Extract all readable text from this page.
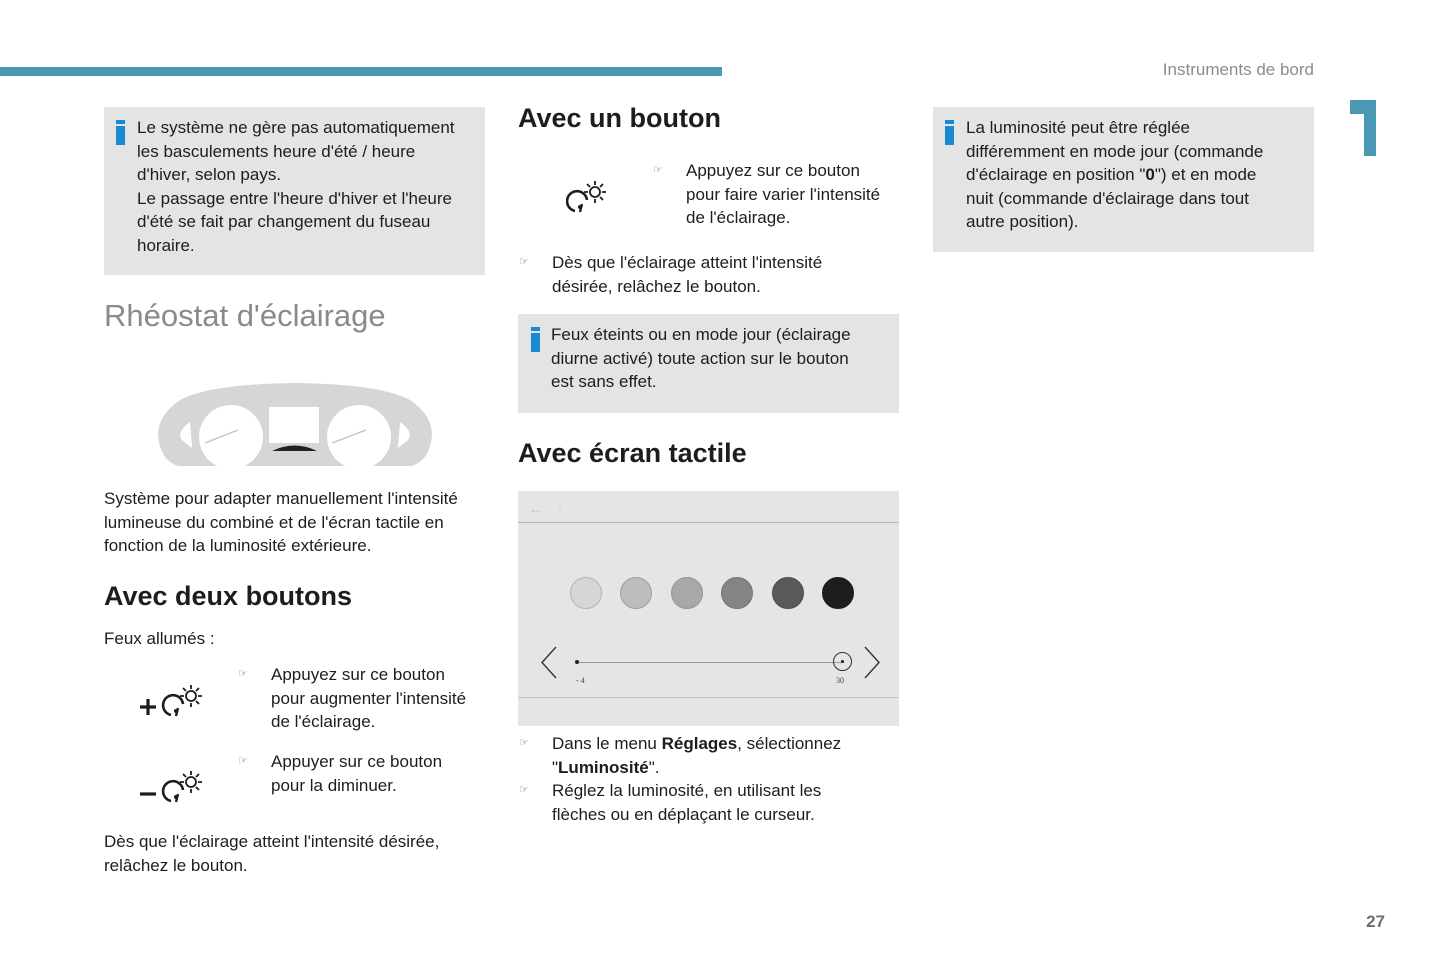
Instruments de bord
Le système ne gère pas automatiquement
les basculements heure d'été / heure
d'hiver, selon pays.
Le passage entre l'heure d'hiver et l'heure
d'été se fait par changement du fuseau
horaire.
Rhéostat d'éclairage
Système pour adapter manuellement l'intensité
lumineuse du combiné et de l'écran tactile en
fonction de la luminosité extérieure.
Avec deux boutons
Feux allumés :
☞ Appuyez sur ce bouton
pour augmenter l'intensité
de l'éclairage.
☞ Appuyer sur ce bouton
pour la diminuer.
Dès que l'éclairage atteint l'intensité désirée,
relâchez le bouton.
Avec un bouton
☞ Appuyez sur ce bouton
pour faire varier l'intensité
de l'éclairage.
☞ Dès que l'éclairage atteint l'intensité
désirée, relâchez le bouton.
Feux éteints ou en mode jour (éclairage
diurne activé) toute action sur le bouton
est sans effet.
Avec écran tactile
← ⋮
- 4	30
☞ Dans le menu Réglages, sélectionnez
"Luminosité".
☞ Réglez la luminosité, en utilisant les
flèches ou en déplaçant le curseur.
La luminosité peut être réglée
différemment en mode jour (commande
d'éclairage en position "0") et en mode
nuit (commande d'éclairage dans tout
autre position).
27
